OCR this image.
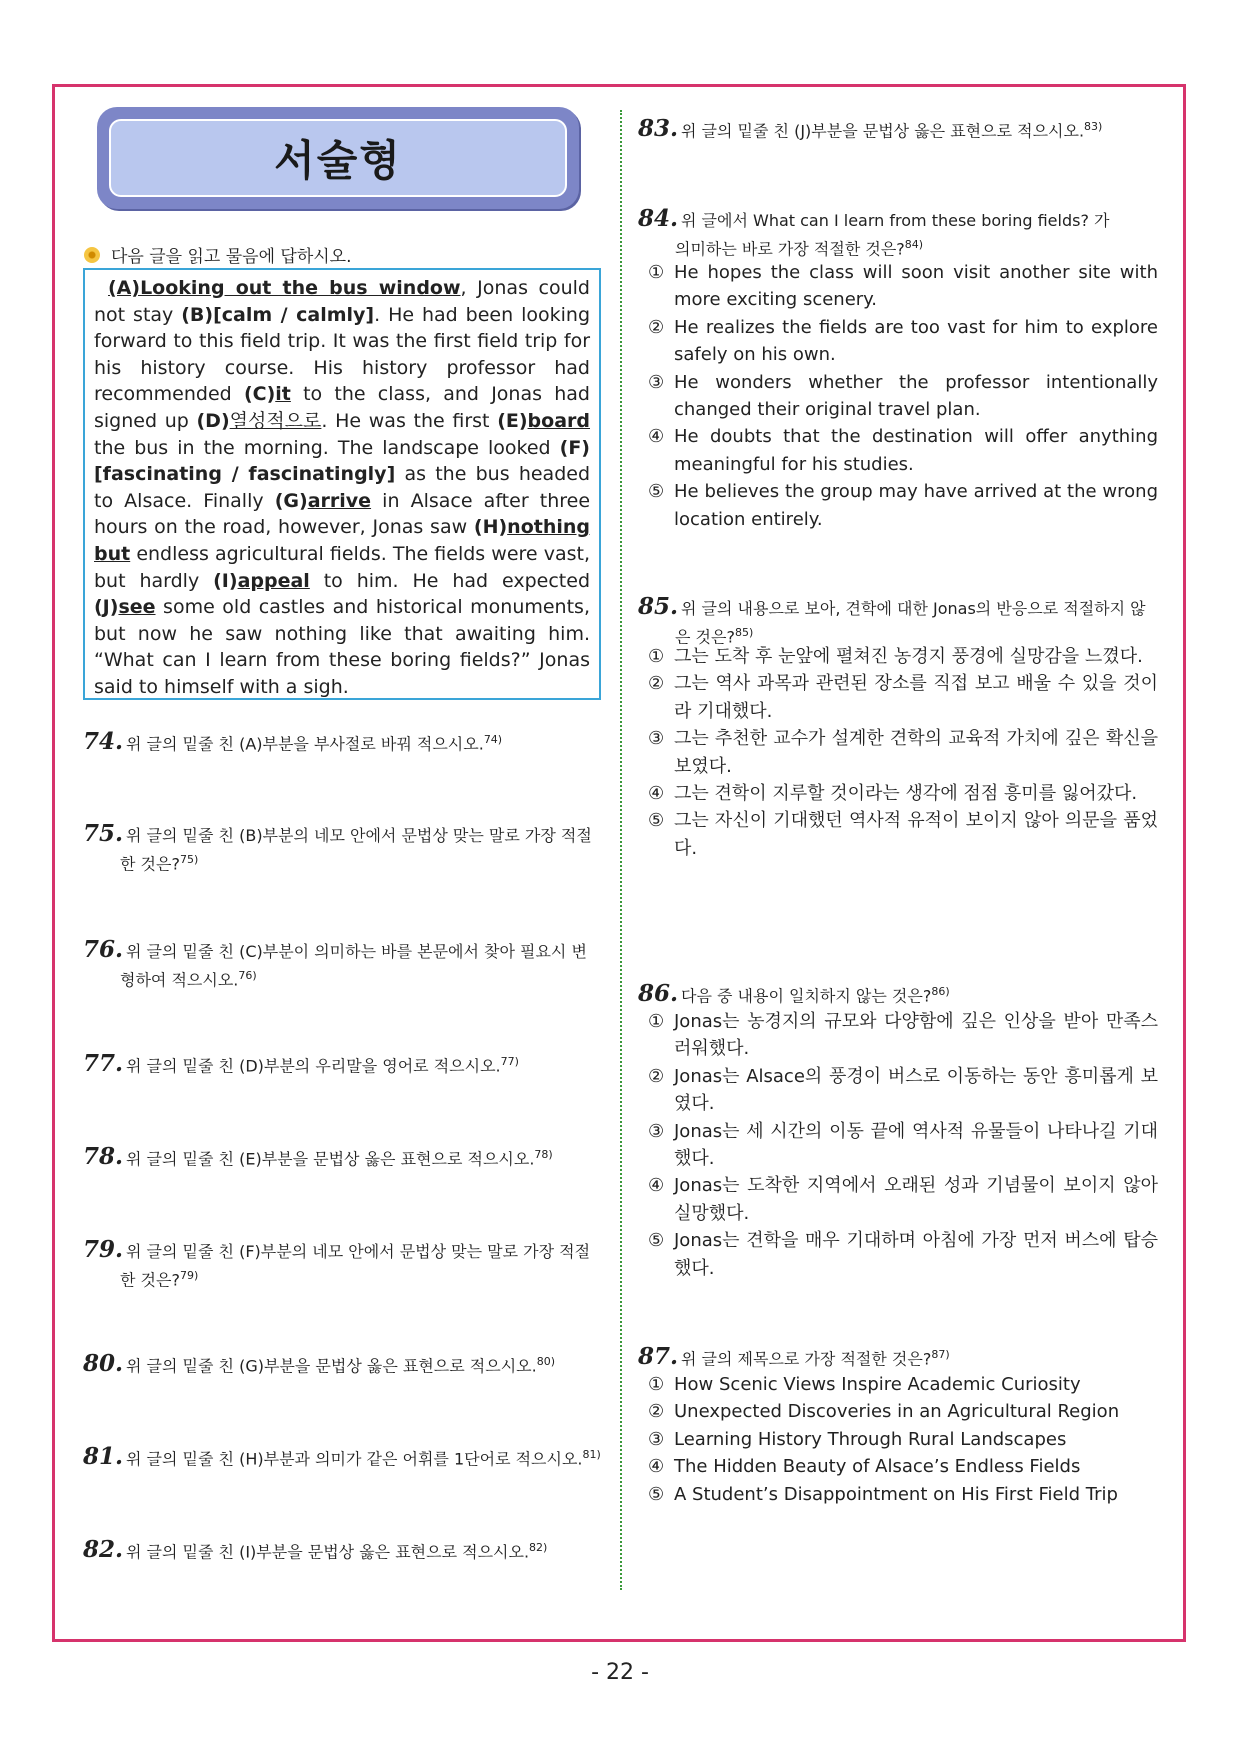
서술형
다음 글을 읽고 물음에 답하시오.

(A)Looking out the bus window, Jonas could not stay (B)[calm / calmly]. He had been looking forward to this field trip. It was the first field trip for his history course. His history professor had recommended (C)it to the class, and Jonas had signed up (D)열성적으로. He was the first (E)board the bus in the morning. The landscape looked (F)[fascinating / fascinatingly] as the bus headed to Alsace. Finally (G)arrive in Alsace after three hours on the road, however, Jonas saw (H)nothing but endless agricultural fields. The fields were vast, but hardly (I)appeal to him. He had expected (J)see some old castles and historical monuments, but now he saw nothing like that awaiting him. “What can I learn from these boring fields?” Jonas said to himself with a sigh.

74. 위 글의 밑줄 친 (A)부분을 부사절로 바꿔 적으시오.$^{74)}$
75. 위 글의 밑줄 친 (B)부분의 네모 안에서 문법상 맞는 말로 가장 적절
한 것은?$^{75)}$
76. 위 글의 밑줄 친 (C)부분이 의미하는 바를 본문에서 찾아 필요시 변
형하여 적으시오.$^{76)}$
77. 위 글의 밑줄 친 (D)부분의 우리말을 영어로 적으시오.$^{77)}$
78. 위 글의 밑줄 친 (E)부분을 문법상 옳은 표현으로 적으시오.$^{78)}$
79. 위 글의 밑줄 친 (F)부분의 네모 안에서 문법상 맞는 말로 가장 적절
한 것은?$^{79)}$
80. 위 글의 밑줄 친 (G)부분을 문법상 옳은 표현으로 적으시오.$^{80)}$
81. 위 글의 밑줄 친 (H)부분과 의미가 같은 어휘를 1단어로 적으시오.$^{81)}$
82. 위 글의 밑줄 친 (I)부분을 문법상 옳은 표현으로 적으시오.$^{82)}$
83. 위 글의 밑줄 친 (J)부분을 문법상 옳은 표현으로 적으시오.$^{83)}$
84. 위 글에서 What can I learn from these boring fields? 가
의미하는 바로 가장 적절한 것은?$^{84)}$
① He hopes the class will soon visit another site with more exciting scenery.
② He realizes the fields are too vast for him to explore safely on his own.
③ He wonders whether the professor intentionally changed their original travel plan.
④ He doubts that the destination will offer anything meaningful for his studies.
⑤ He believes the group may have arrived at the wrong location entirely.
85. 위 글의 내용으로 보아, 견학에 대한 Jonas의 반응으로 적절하지 않
은 것은?$^{85)}$
① 그는 도착 후 눈앞에 펼쳐진 농경지 풍경에 실망감을 느꼈다.
② 그는 역사 과목과 관련된 장소를 직접 보고 배울 수 있을 것이라 기대했다.
③ 그는 추천한 교수가 설계한 견학의 교육적 가치에 깊은 확신을 보였다.
④ 그는 견학이 지루할 것이라는 생각에 점점 흥미를 잃어갔다.
⑤ 그는 자신이 기대했던 역사적 유적이 보이지 않아 의문을 품었다.
86. 다음 중 내용이 일치하지 않는 것은?$^{86)}$
① Jonas는 농경지의 규모와 다양함에 깊은 인상을 받아 만족스러워했다.
② Jonas는 Alsace의 풍경이 버스로 이동하는 동안 흥미롭게 보였다.
③ Jonas는 세 시간의 이동 끝에 역사적 유물들이 나타나길 기대했다.
④ Jonas는 도착한 지역에서 오래된 성과 기념물이 보이지 않아 실망했다.
⑤ Jonas는 견학을 매우 기대하며 아침에 가장 먼저 버스에 탑승했다.
87. 위 글의 제목으로 가장 적절한 것은?$^{87)}$
① How Scenic Views Inspire Academic Curiosity
② Unexpected Discoveries in an Agricultural Region
③ Learning History Through Rural Landscapes
④ The Hidden Beauty of Alsace’s Endless Fields
⑤ A Student’s Disappointment on His First Field Trip
- 22 -
